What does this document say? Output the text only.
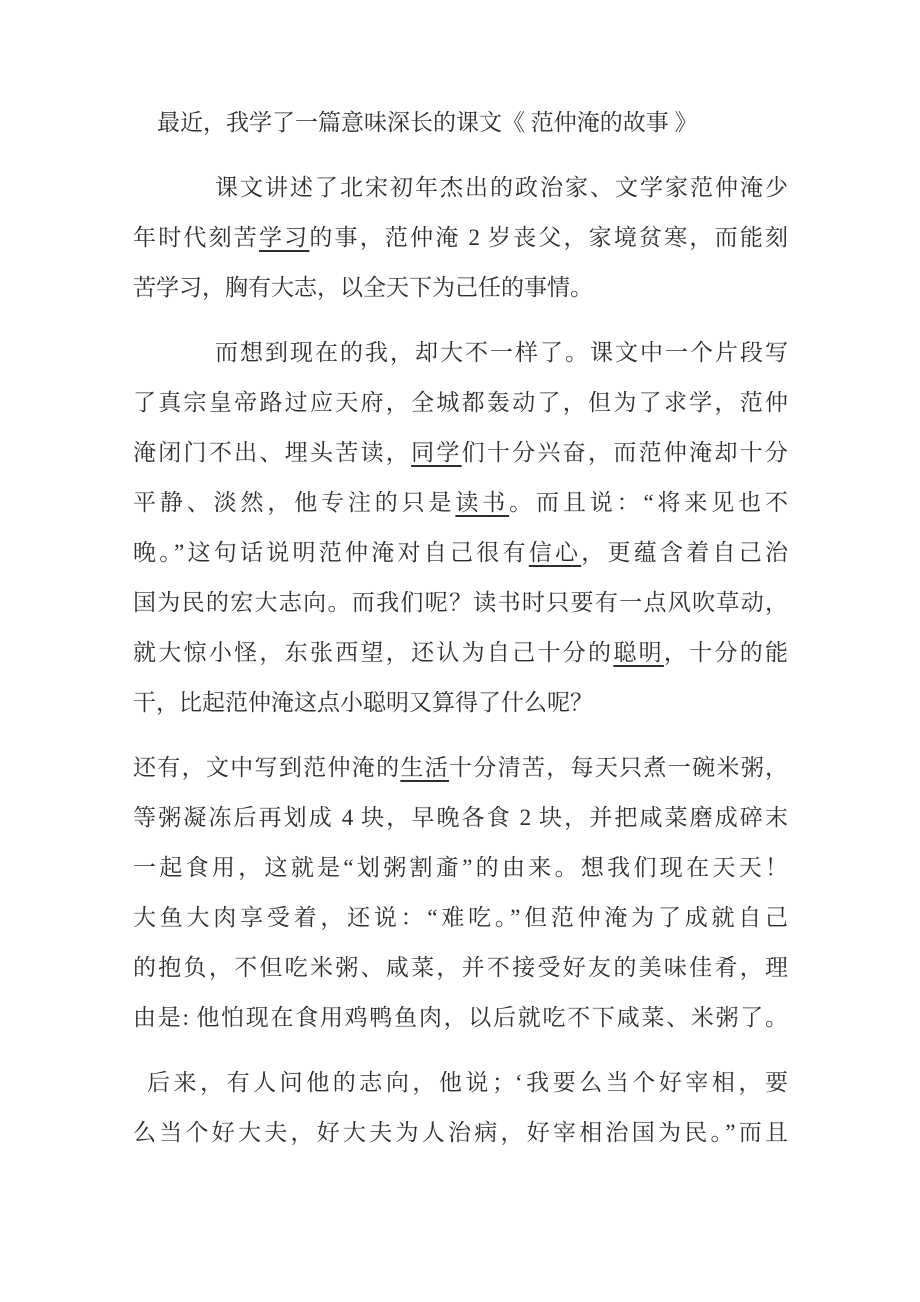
最近，我学了一篇意味深长的课文《 范仲淹的故事 》
课文讲述了北宋初年杰出的政治家、文学家范仲淹少
年时代刻苦学习的事，范仲淹 2 岁丧父，家境贫寒，而能刻
苦学习，胸有大志，以全天下为己任的事情。
而想到现在的我，却大不一样了。课文中一个片段写
了真宗皇帝路过应天府，全城都轰动了，但为了求学，范仲
淹闭门不出、埋头苦读，同学们十分兴奋，而范仲淹却十分
平静、淡然，他专注的只是读书。而且说：“将来见也不
晚。”这句话说明范仲淹对自己很有信心，更蕴含着自己治
国为民的宏大志向。而我们呢？读书时只要有一点风吹草动，
就大惊小怪，东张西望，还认为自己十分的聪明，十分的能
干，比起范仲淹这点小聪明又算得了什么呢？
还有，文中写到范仲淹的生活十分清苦，每天只煮一碗米粥，
等粥凝冻后再划成 4 块，早晚各食 2 块，并把咸菜磨成碎末
一起食用，这就是“划粥割齑”的由来。想我们现在天天！
大鱼大肉享受着，还说：“难吃。”但范仲淹为了成就自己
的抱负，不但吃米粥、咸菜，并不接受好友的美味佳肴，理
由是: 他怕现在食用鸡鸭鱼肉，以后就吃不下咸菜、米粥了。
后来，有人问他的志向，他说；‘我要么当个好宰相，要
么当个好大夫，好大夫为人治病，好宰相治国为民。”而且
